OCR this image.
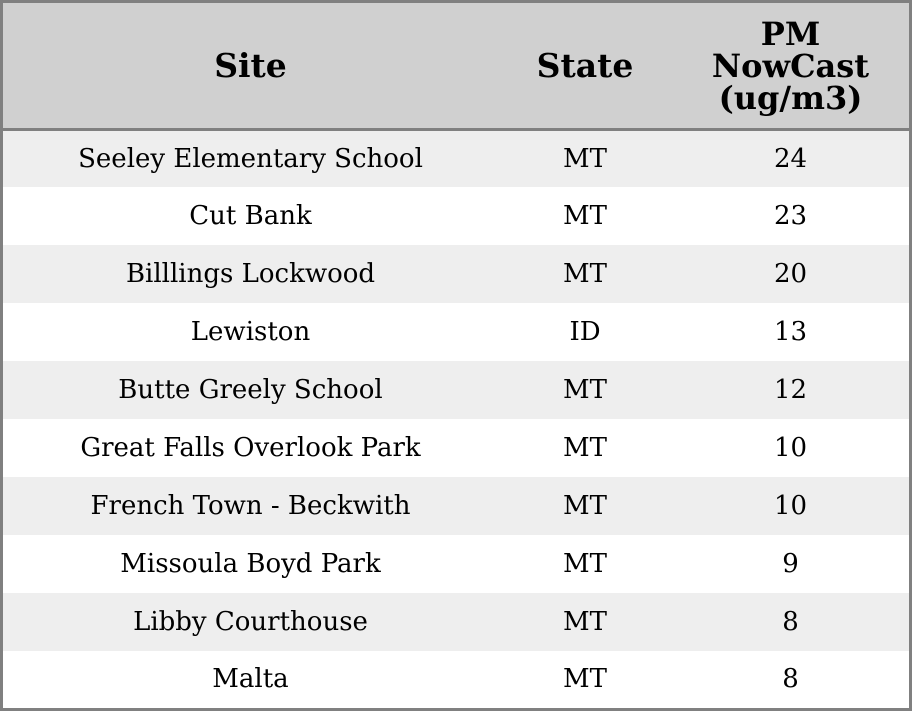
Site	State	PM
NowCast
(ug/m3)

Seeley Elementary School	MT	24
Cut Bank	MT	23
Billlings Lockwood	MT	20
Lewiston	ID	13
Butte Greely School	MT	12
Great Falls Overlook Park	MT	10
French Town - Beckwith	MT	10
Missoula Boyd Park	MT	9
Libby Courthouse	MT	8
Malta	MT	8
